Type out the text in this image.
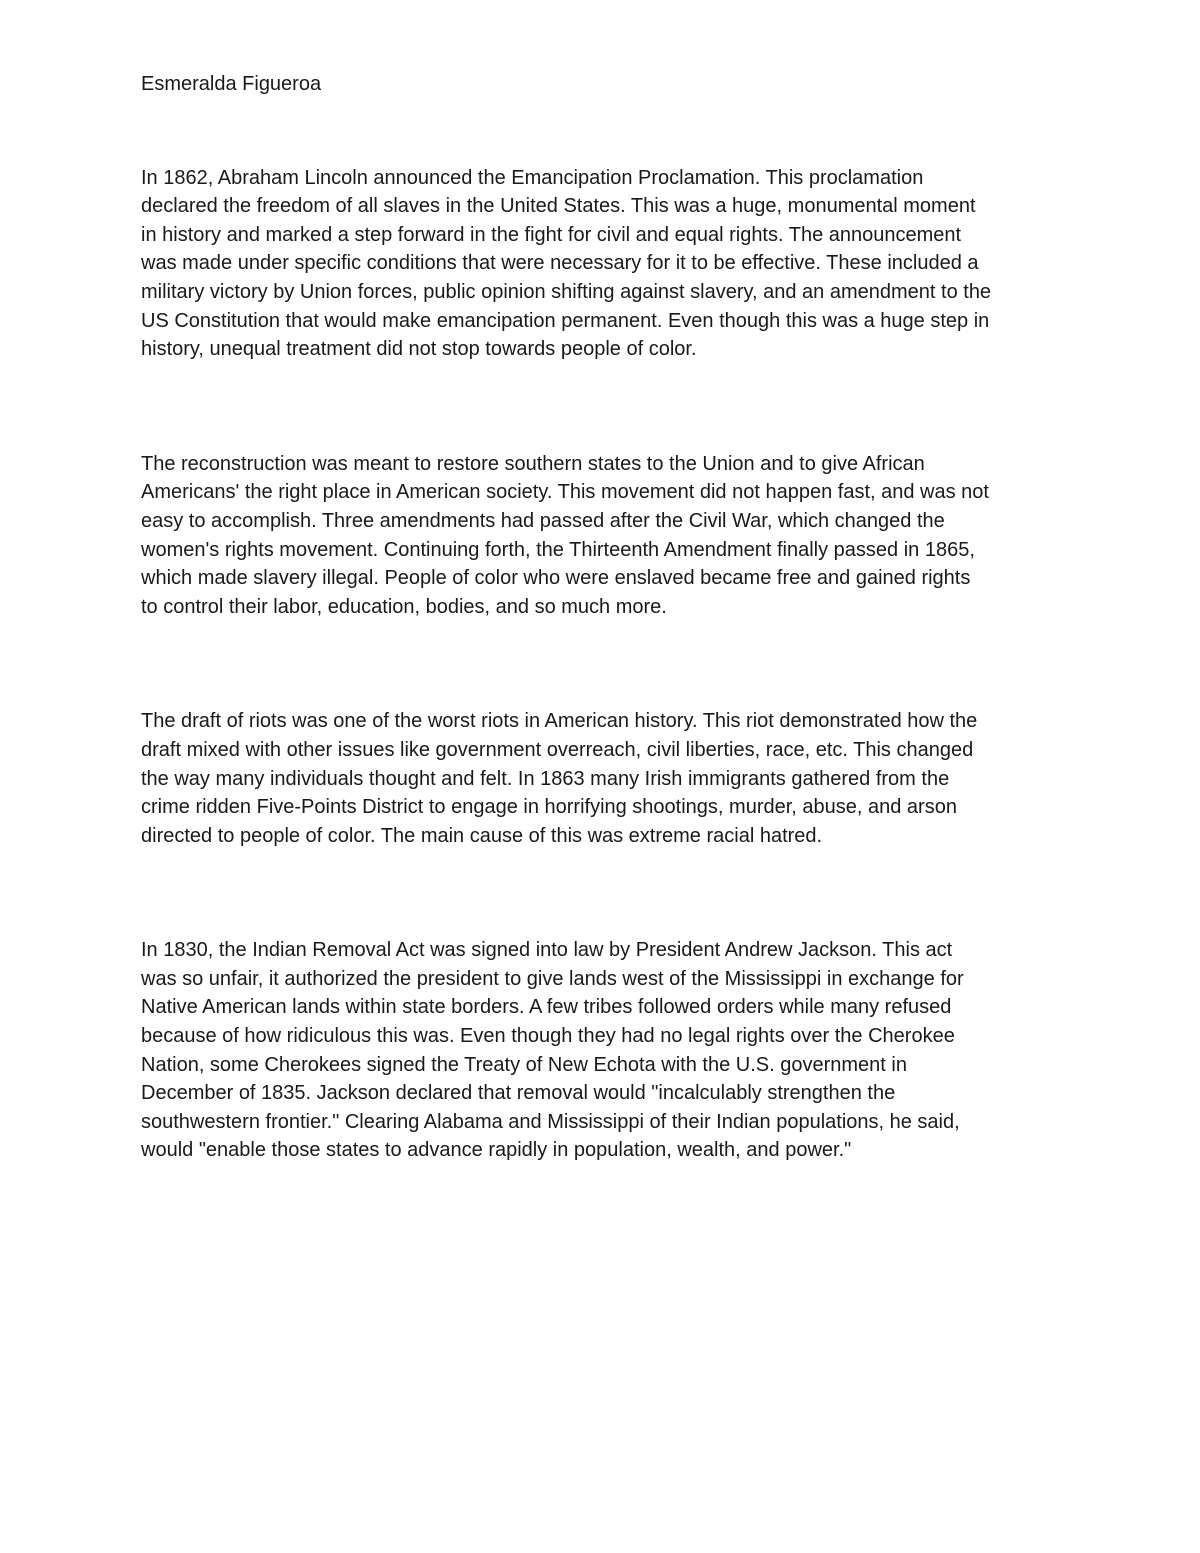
Esmeralda Figueroa

In 1862, Abraham Lincoln announced the Emancipation Proclamation. This proclamation
declared the freedom of all slaves in the United States. This was a huge, monumental moment
in history and marked a step forward in the fight for civil and equal rights. The announcement
was made under specific conditions that were necessary for it to be effective. These included a
military victory by Union forces, public opinion shifting against slavery, and an amendment to the
US Constitution that would make emancipation permanent. Even though this was a huge step in
history, unequal treatment did not stop towards people of color.

The reconstruction was meant to restore southern states to the Union and to give African
Americans' the right place in American society. This movement did not happen fast, and was not
easy to accomplish. Three amendments had passed after the Civil War, which changed the
women's rights movement. Continuing forth, the Thirteenth Amendment finally passed in 1865,
which made slavery illegal. People of color who were enslaved became free and gained rights
to control their labor, education, bodies, and so much more.

The draft of riots was one of the worst riots in American history. This riot demonstrated how the
draft mixed with other issues like government overreach, civil liberties, race, etc. This changed
the way many individuals thought and felt. In 1863 many Irish immigrants gathered from the
crime ridden Five-Points District to engage in horrifying shootings, murder, abuse, and arson
directed to people of color. The main cause of this was extreme racial hatred.

In 1830, the Indian Removal Act was signed into law by President Andrew Jackson. This act
was so unfair, it authorized the president to give lands west of the Mississippi in exchange for
Native American lands within state borders. A few tribes followed orders while many refused
because of how ridiculous this was. Even though they had no legal rights over the Cherokee
Nation, some Cherokees signed the Treaty of New Echota with the U.S. government in
December of 1835. Jackson declared that removal would "incalculably strengthen the
southwestern frontier." Clearing Alabama and Mississippi of their Indian populations, he said,
would "enable those states to advance rapidly in population, wealth, and power."
